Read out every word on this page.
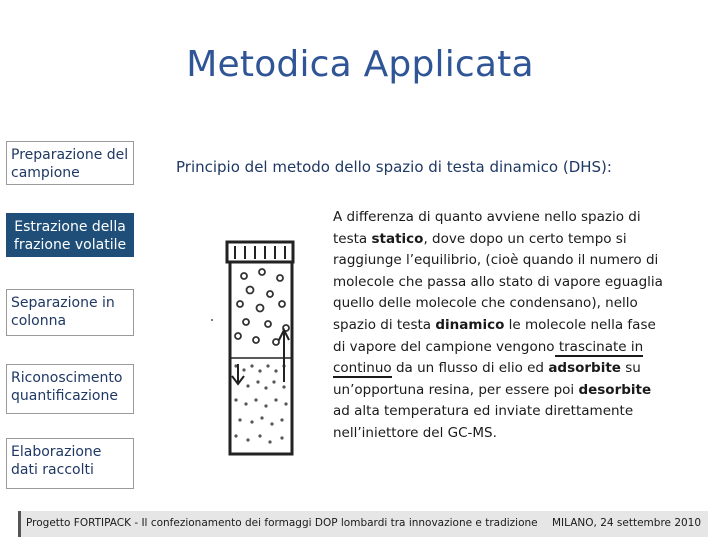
Metodica Applicata
Preparazione del campione
Estrazione della frazione volatile
Separazione in colonna
Riconoscimento quantificazione
Elaborazione dati raccolti
Principio del metodo dello spazio di testa dinamico (DHS):
A differenza di quanto avviene nello spazio di testa statico, dove dopo un certo tempo si raggiunge l’equilibrio, (cioè quando il numero di molecole che passa allo stato di vapore eguaglia quello delle molecole che condensano), nello spazio di testa dinamico le molecole nella fase di vapore del campione vengono trascinate in continuo da un flusso di elio ed adsorbite su un’opportuna resina, per essere poi desorbite ad alta temperatura ed inviate direttamente nell’iniettore del GC-MS.
Progetto FORTIPACK - Il confezionamento dei formaggi DOP lombardi tra innovazione e tradizione MILANO, 24 settembre 2010
